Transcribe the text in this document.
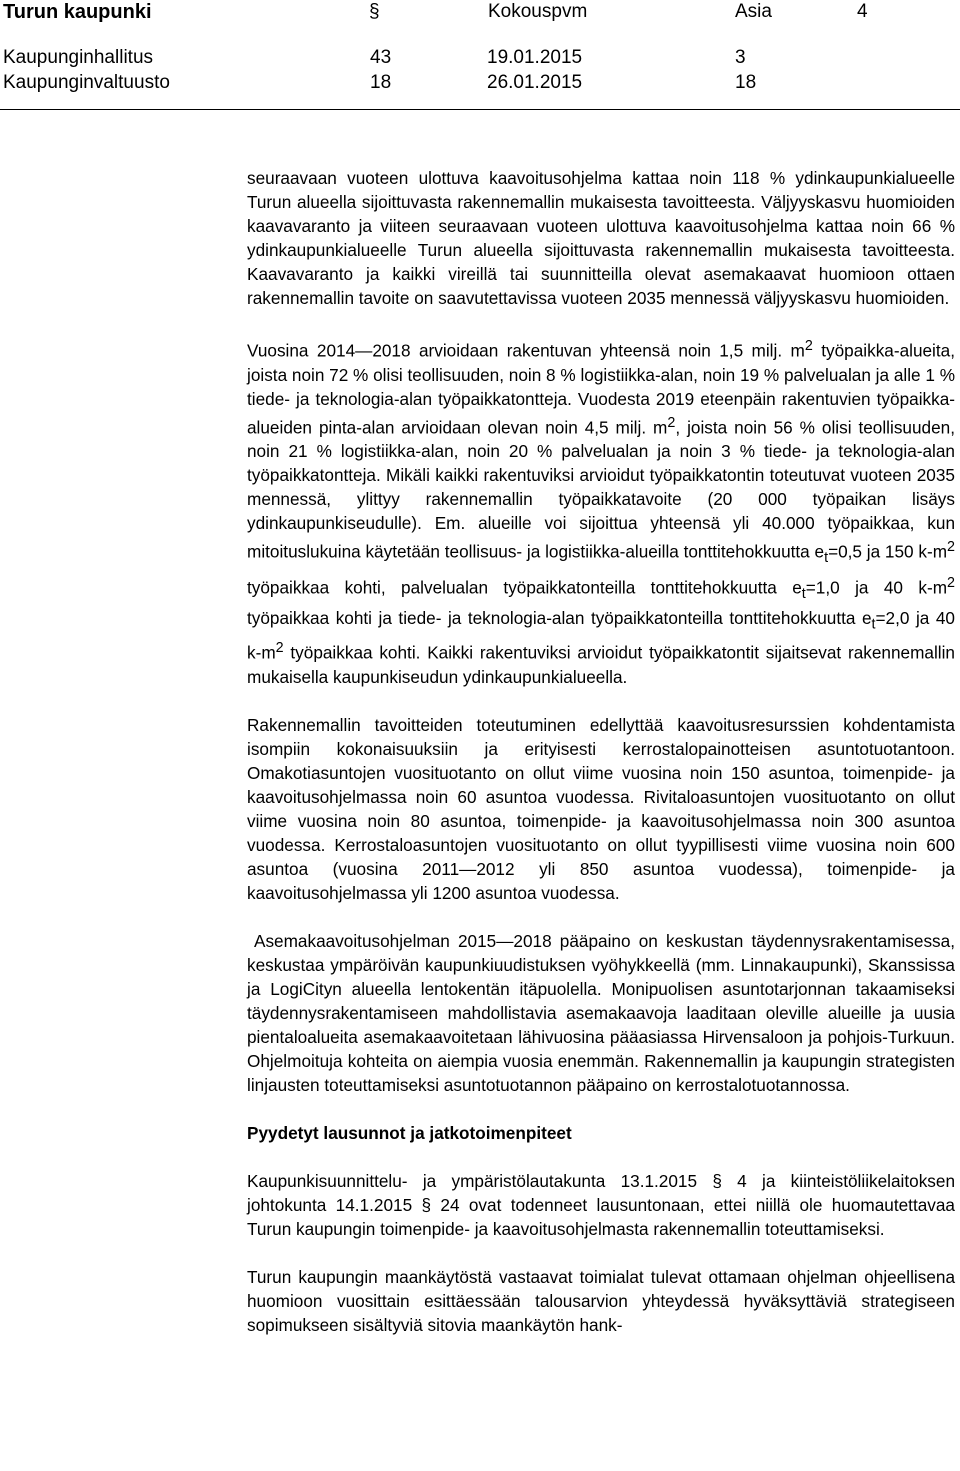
Turun kaupunki	§	Kokouspvm	Asia	4
Kaupunginhallitus	43	19.01.2015	3
Kaupunginvaltuusto	18	26.01.2015	18

seuraavaan vuoteen ulottuva kaavoitusohjelma kattaa noin 118 % ydinkaupunkialueelle Turun alueella sijoittuvasta rakennemallin mukaisesta tavoitteesta. Väljyyskasvu huomioiden kaavavaranto ja viiteen seuraavaan vuoteen ulottuva kaavoitusohjelma kattaa noin 66 % ydinkaupunkialueelle Turun alueella sijoittuvasta rakennemallin mukaisesta tavoitteesta. Kaavavaranto ja kaikki vireillä tai suunnitteilla olevat asemakaavat huomioon ottaen rakennemallin tavoite on saavutettavissa vuoteen 2035 mennessä väljyyskasvu huomioiden.

Vuosina 2014—2018 arvioidaan rakentuvan yhteensä noin 1,5 milj. $m^2$ työpaikka-alueita, joista noin 72 % olisi teollisuuden, noin 8 % logistiikka-alan, noin 19 % palvelualan ja alle 1 % tiede- ja teknologia-alan työpaikkatontteja. Vuodesta 2019 eteenpäin rakentuvien työpaikka-alueiden pinta-alan arvioidaan olevan noin 4,5 milj. $m^2$, joista noin 56 % olisi teollisuuden, noin 21 % logistiikka-alan, noin 20 % palvelualan ja noin 3 % tiede- ja teknologia-alan työpaikkatontteja. Mikäli kaikki rakentuviksi arvioidut työpaikkatontin toteutuvat vuoteen 2035 mennessä, ylittyy rakennemallin työpaikkatavoite (20 000 työpaikan lisäys ydinkaupunkiseudulle). Em. alueille voi sijoittua yhteensä yli 40.000 työpaikkaa, kun mitoituslukuina käytetään teollisuus- ja logistiikka-alueilla tonttitehokkuutta $e_t=0,5$ ja 150 $k-m^2$ työpaikkaa kohti, palvelualan työpaikkatonteilla tonttitehokkuutta $e_t=1,0$ ja 40 $k-m^2$ työpaikkaa kohti ja tiede- ja teknologia-alan työpaikkatonteilla tonttitehokkuutta $e_t=2,0$ ja 40 $k-m^2$ työpaikkaa kohti. Kaikki rakentuviksi arvioidut työpaikkatontit sijaitsevat rakennemallin mukaisella kaupunkiseudun ydinkaupunkialueella.

Rakennemallin tavoitteiden toteutuminen edellyttää kaavoitusresurssien kohdentamista isompiin kokonaisuuksiin ja erityisesti kerrostalopainotteisen asuntotuotantoon. Omakotiasuntojen vuosituotanto on ollut viime vuosina noin 150 asuntoa, toimenpide- ja kaavoitusohjelmassa noin 60 asuntoa vuodessa. Rivitaloasuntojen vuosituotanto on ollut viime vuosina noin 80 asuntoa, toimenpide- ja kaavoitusohjelmassa noin 300 asuntoa vuodessa. Kerrostaloasuntojen vuosituotanto on ollut tyypillisesti viime vuosina noin 600 asuntoa (vuosina 2011—2012 yli 850 asuntoa vuodessa), toimenpide- ja kaavoitusohjelmassa yli 1200 asuntoa vuodessa.

Asemakaavoitusohjelman 2015—2018 pääpaino on keskustan täydennysrakentamisessa, keskustaa ympäröivän kaupunkiuudistuksen vyöhykkeellä (mm. Linnakaupunki), Skanssissa ja LogiCityn alueella lentokentän itäpuolella. Monipuolisen asuntotarjonnan takaamiseksi täydennysrakentamiseen mahdollistavia asemakaavoja laaditaan oleville alueille ja uusia pientaloalueita asemakaavoitetaan lähivuosina pääasiassa Hirvensaloon ja pohjois-Turkuun. Ohjelmoituja kohteita on aiempia vuosia enemmän. Rakennemallin ja kaupungin strategisten linjausten toteuttamiseksi asuntotuotannon pääpaino on kerrostalotuotannossa.

Pyydetyt lausunnot ja jatkotoimenpiteet

Kaupunkisuunnittelu- ja ympäristölautakunta 13.1.2015 § 4 ja kiinteistöliikelaitoksen johtokunta 14.1.2015 § 24 ovat todenneet lausuntonaan, ettei niillä ole huomautettavaa Turun kaupungin toimenpide- ja kaavoitusohjelmasta rakennemallin toteuttamiseksi.

Turun kaupungin maankäytöstä vastaavat toimialat tulevat ottamaan ohjelman ohjeellisena huomioon vuosittain esittäessään talousarvion yhteydessä hyväksyttäviä strategiseen sopimukseen sisältyviä sitovia maankäytön hank-
